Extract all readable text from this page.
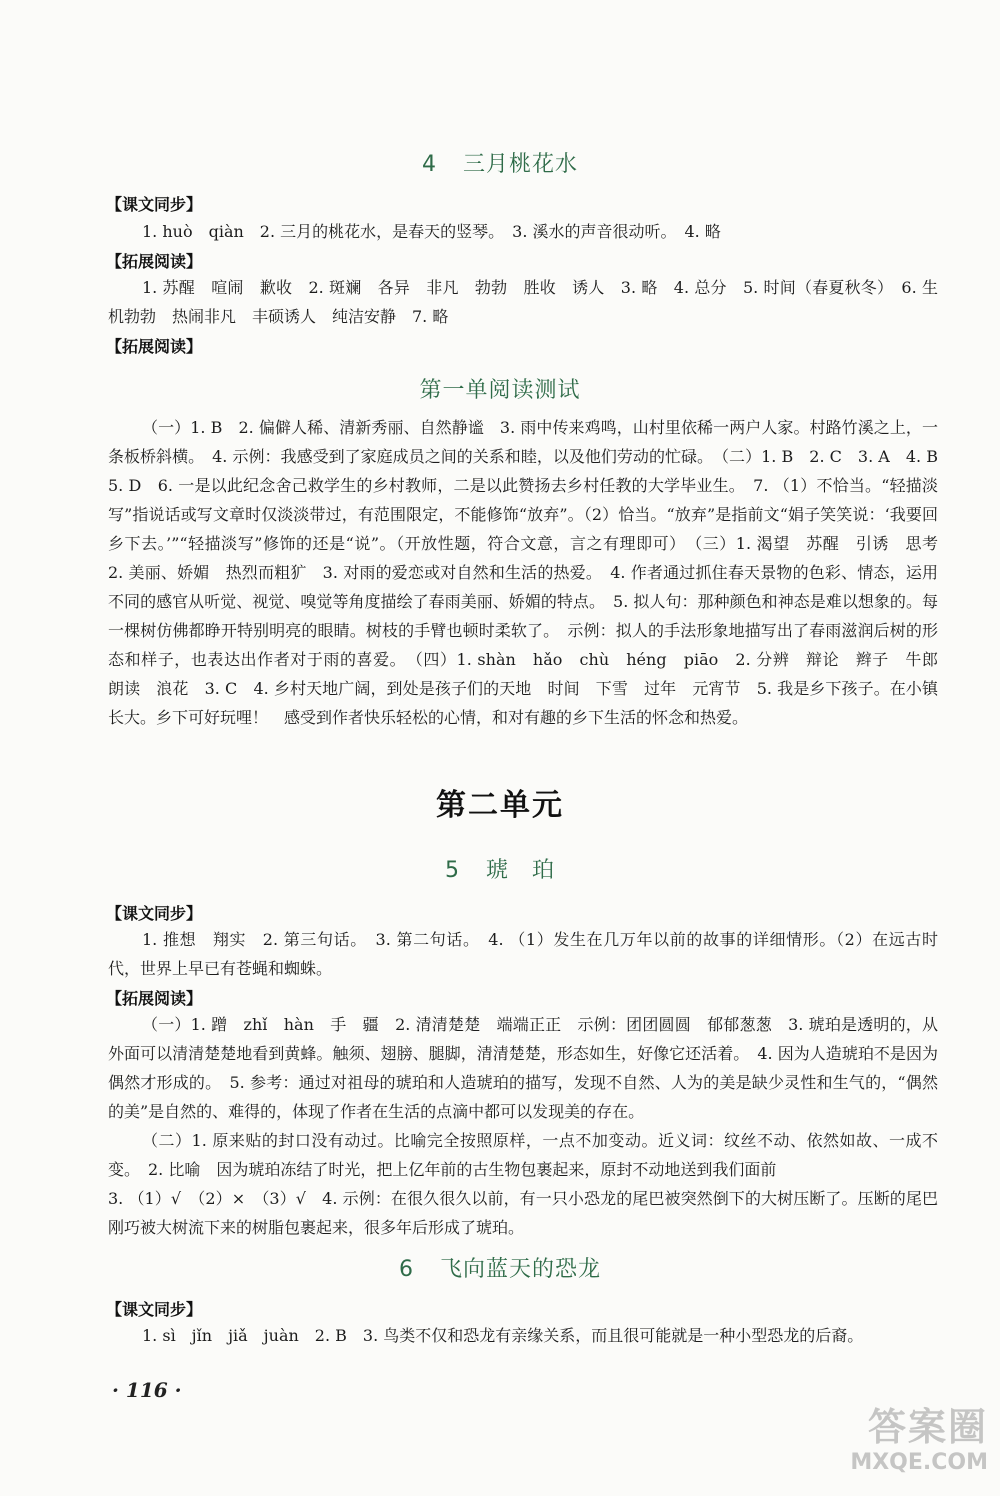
4 三月桃花水
【课文同步】

1. huò　qiàn　2. 三月的桃花水，是春天的竖琴。　3. 溪水的声音很动听。　4. 略

【拓展阅读】

1. 苏醒　喧闹　歉收　2. 斑斓　各异　非凡　勃勃　胜收　诱人　3. 略　4. 总分　5. 时间（春夏秋冬）　6. 生机勃勃　热闹非凡　丰硕诱人　纯洁安静　7. 略

【拓展阅读】
第一单阅读测试

（一）1. B　2. 偏僻人稀、清新秀丽、自然静谧　3. 雨中传来鸡鸣，山村里依稀一两户人家。村路竹溪之上，一条板桥斜横。　4. 示例：我感受到了家庭成员之间的关系和睦，以及他们劳动的忙碌。　（二）1. B　2. C　3. A　4. B　5. D　6. 一是以此纪念舍己救学生的乡村教师，二是以此赞扬去乡村任教的大学毕业生。　7. （1）不恰当。“轻描淡写”指说话或写文章时仅淡淡带过，有范围限定，不能修饰“放弃”。（2）恰当。“放弃”是指前文“娟子笑笑说：‘我要回乡下去。’”“轻描淡写”修饰的还是“说”。（开放性题，符合文意，言之有理即可）　（三）1. 渴望　苏醒　引诱　思考　2. 美丽、娇媚　热烈而粗犷　3. 对雨的爱恋或对自然和生活的热爱。　4. 作者通过抓住春天景物的色彩、情态，运用不同的感官从听觉、视觉、嗅觉等角度描绘了春雨美丽、娇媚的特点。　5. 拟人句：那种颜色和神态是难以想象的。每一棵树仿佛都睁开特别明亮的眼睛。树枝的手臂也顿时柔软了。　示例：拟人的手法形象地描写出了春雨滋润后树的形态和样子，也表达出作者对于雨的喜爱。　（四）1. shàn　hǎo　chù　héng　piāo　2. 分辨　辩论　辫子　牛郎　朗读　浪花　3. C　4. 乡村天地广阔，到处是孩子们的天地　时间　下雪　过年　元宵节　5. 我是乡下孩子。在小镇长大。乡下可好玩哩！　感受到作者快乐轻松的心情，和对有趣的乡下生活的怀念和热爱。

第二单元
5 琥　珀
【课文同步】

1. 推想　翔实　2. 第三句话。　3. 第二句话。　4. （1）发生在几万年以前的故事的详细情形。（2）在远古时代，世界上早已有苍蝇和蜘蛛。

【拓展阅读】

（一）1. 蹭　zhǐ　hàn　手　疆　2. 清清楚楚　端端正正　示例：团团圆圆　郁郁葱葱　3. 琥珀是透明的，从外面可以清清楚楚地看到黄蜂。触须、翅膀、腿脚，清清楚楚，形态如生，好像它还活着。　4. 因为人造琥珀不是因为偶然才形成的。　5. 参考：通过对祖母的琥珀和人造琥珀的描写，发现不自然、人为的美是缺少灵性和生气的，“偶然的美”是自然的、难得的，体现了作者在生活的点滴中都可以发现美的存在。

（二）1. 原来贴的封口没有动过。比喻完全按照原样，一点不加变动。近义词：纹丝不动、依然如故、一成不变。　2. 比喻　因为琥珀冻结了时光，把上亿年前的古生物包裹起来，原封不动地送到我们面前

3. （1）√　（2）×　（3）√　4. 示例：在很久很久以前，有一只小恐龙的尾巴被突然倒下的大树压断了。压断的尾巴刚巧被大树流下来的树脂包裹起来，很多年后形成了琥珀。

6 飞向蓝天的恐龙
【课文同步】

1. sì　jǐn　jiǎ　juàn　2. B　3. 鸟类不仅和恐龙有亲缘关系，而且很可能就是一种小型恐龙的后裔。

· 116 ·
答案圈
MXQE.COM
